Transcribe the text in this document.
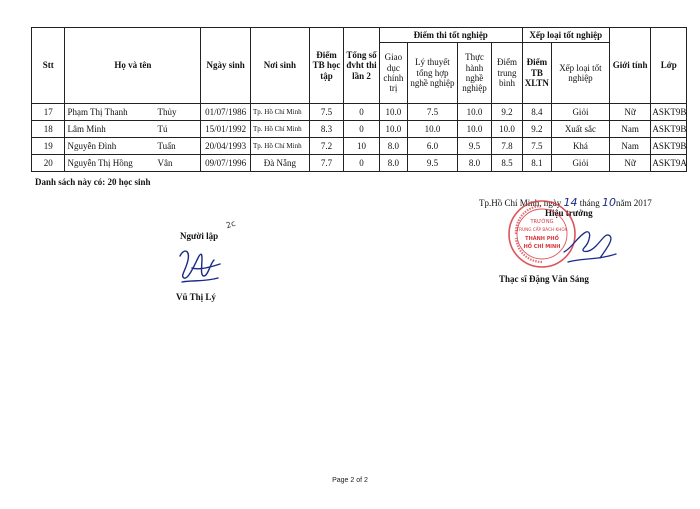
Stt	Họ và tên	Ngày sinh	Nơi sinh	Điểm TB học tập	Tổng số đvht thi lần 2	Điểm thi tốt nghiệp				Xếp loại tốt nghiệp		Giới tính	Lớp
						Giao dục chính trị	Lý thuyết tổng hợp nghề nghiệp	Thực hành nghề nghiệp	Điểm trung bình	Điểm TB XLTN	Xếp loại tốt nghiệp		
17	Phạm Thị Thanh Thủy	01/07/1986	Tp. Hồ Chí Minh	7.5	0	10.0	7.5	10.0	9.2	8.4	Giỏi	Nữ	ASKT9B
18	Lâm Minh Tú	15/01/1992	Tp. Hồ Chí Minh	8.3	0	10.0	10.0	10.0	10.0	9.2	Xuất sắc	Nam	ASKT9B
19	Nguyễn Đình Tuấn	20/04/1993	Tp. Hồ Chí Minh	7.2	10	8.0	6.0	9.5	7.8	7.5	Khá	Nam	ASKT9B
20	Nguyễn Thị Hồng Vân	09/07/1996	Đà Nẵng	7.7	0	8.0	9.5	8.0	8.5	8.1	Giỏi	Nữ	ASKT9A
Danh sách này có: 20 học sinh
Người lập
2c
Vũ Thị Lý
Tp.Hồ Chí Minh, ngày 14 tháng 10năm 2017
Hiệu trưởng
TRƯỜNG
TRUNG CẤP BÁCH KHOA
THÀNH PHỐ
HỒ CHÍ MINH
Thạc sĩ Đặng Văn Sáng
Page 2 of 2
